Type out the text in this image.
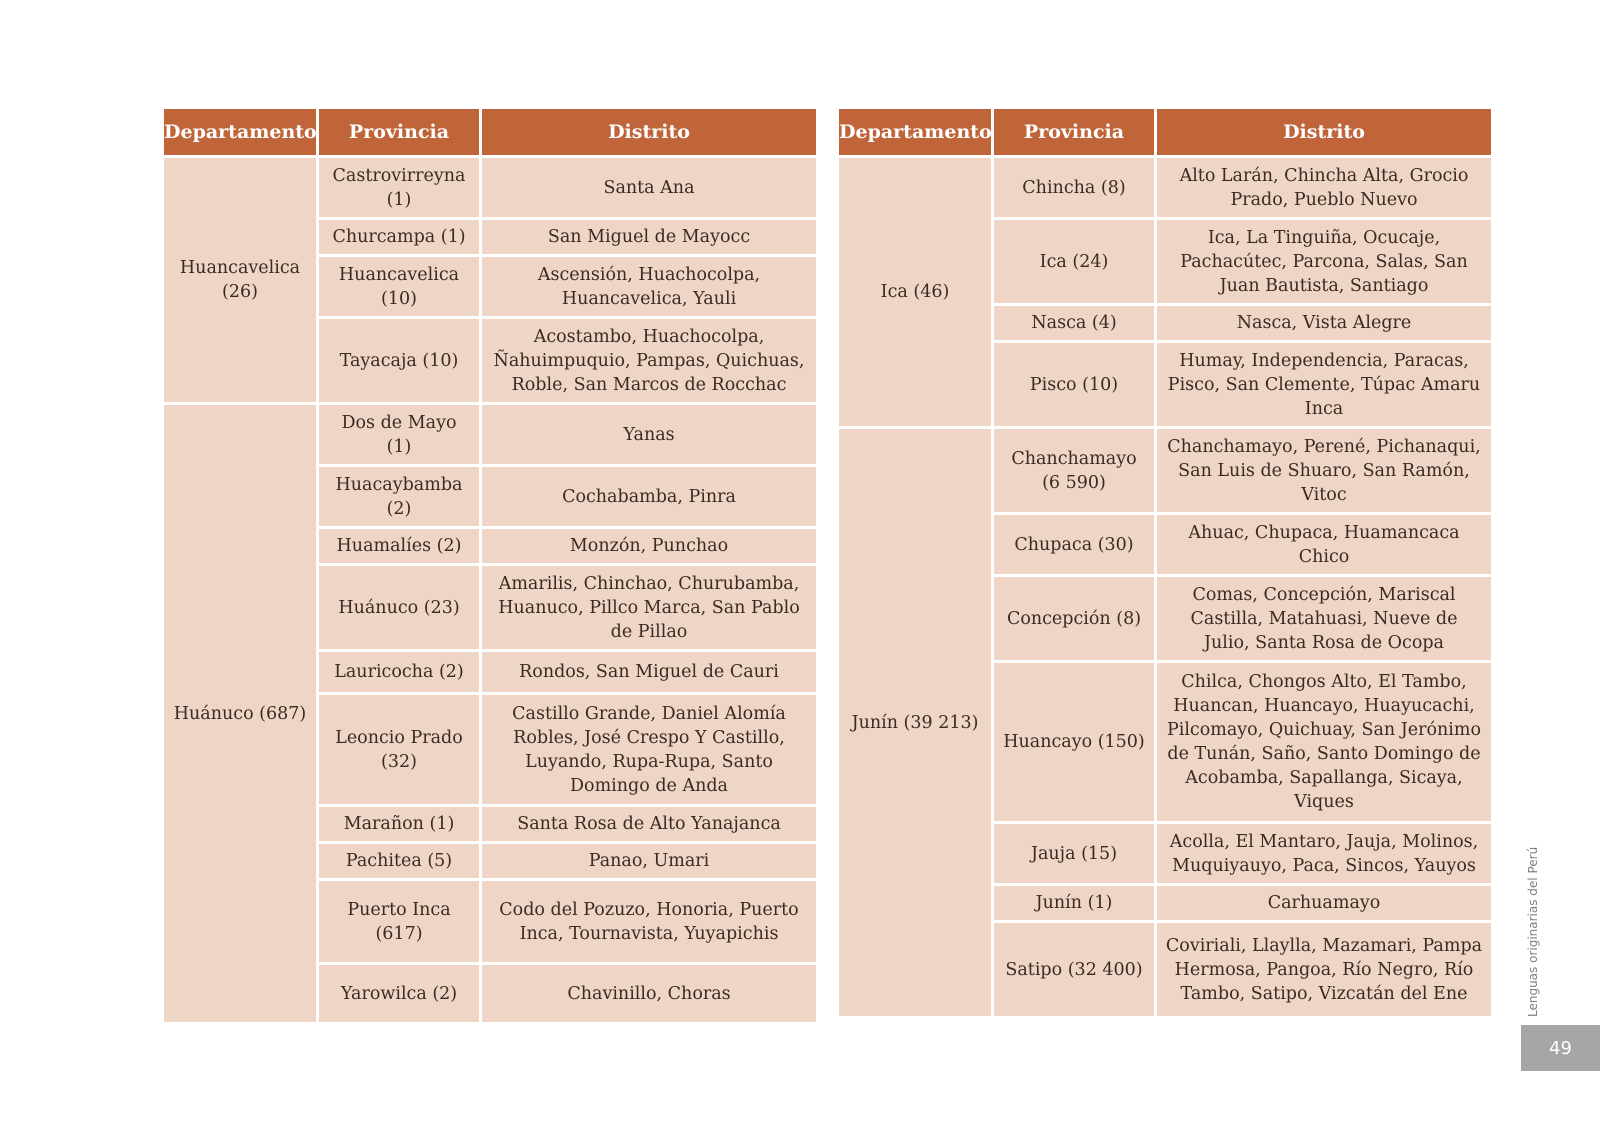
Departamento	Provincia	Distrito
Huancavelica (26)	Castrovirreyna (1)	Santa Ana
	Churcampa (1)	San Miguel de Mayocc
	Huancavelica (10)	Ascensión, Huachocolpa, Huancavelica, Yauli
	Tayacaja (10)	Acostambo, Huachocolpa, Ñahuimpuquio, Pampas, Quichuas, Roble, San Marcos de Rocchac
Huánuco (687)	Dos de Mayo (1)	Yanas
	Huacaybamba (2)	Cochabamba, Pinra
	Huamalíes (2)	Monzón, Punchao
	Huánuco (23)	Amarilis, Chinchao, Churubamba, Huanuco, Pillco Marca, San Pablo de Pillao
	Lauricocha (2)	Rondos, San Miguel de Cauri
	Leoncio Prado (32)	Castillo Grande, Daniel Alomía Robles, José Crespo Y Castillo, Luyando, Rupa-Rupa, Santo Domingo de Anda
	Marañon (1)	Santa Rosa de Alto Yanajanca
	Pachitea (5)	Panao, Umari
	Puerto Inca (617)	Codo del Pozuzo, Honoria, Puerto Inca, Tournavista, Yuyapichis
	Yarowilca (2)	Chavinillo, Choras
Departamento	Provincia	Distrito
Ica (46)	Chincha (8)	Alto Larán, Chincha Alta, Grocio Prado, Pueblo Nuevo
	Ica (24)	Ica, La Tinguiña, Ocucaje, Pachacútec, Parcona, Salas, San Juan Bautista, Santiago
	Nasca (4)	Nasca, Vista Alegre
	Pisco (10)	Humay, Independencia, Paracas, Pisco, San Clemente, Túpac Amaru Inca
Junín (39 213)	Chanchamayo (6 590)	Chanchamayo, Perené, Pichanaqui, San Luis de Shuaro, San Ramón, Vitoc
	Chupaca (30)	Ahuac, Chupaca, Huamancaca Chico
	Concepción (8)	Comas, Concepción, Mariscal Castilla, Matahuasi, Nueve de Julio, Santa Rosa de Ocopa
	Huancayo (150)	Chilca, Chongos Alto, El Tambo, Huancan, Huancayo, Huayucachi, Pilcomayo, Quichuay, San Jerónimo de Tunán, Saño, Santo Domingo de Acobamba, Sapallanga, Sicaya, Viques
	Jauja (15)	Acolla, El Mantaro, Jauja, Molinos, Muquiyauyo, Paca, Sincos, Yauyos
	Junín (1)	Carhuamayo
	Satipo (32 400)	Coviriali, Llaylla, Mazamari, Pampa Hermosa, Pangoa, Río Negro, Río Tambo, Satipo, Vizcatán del Ene	Lenguas originarias del Perú
49
